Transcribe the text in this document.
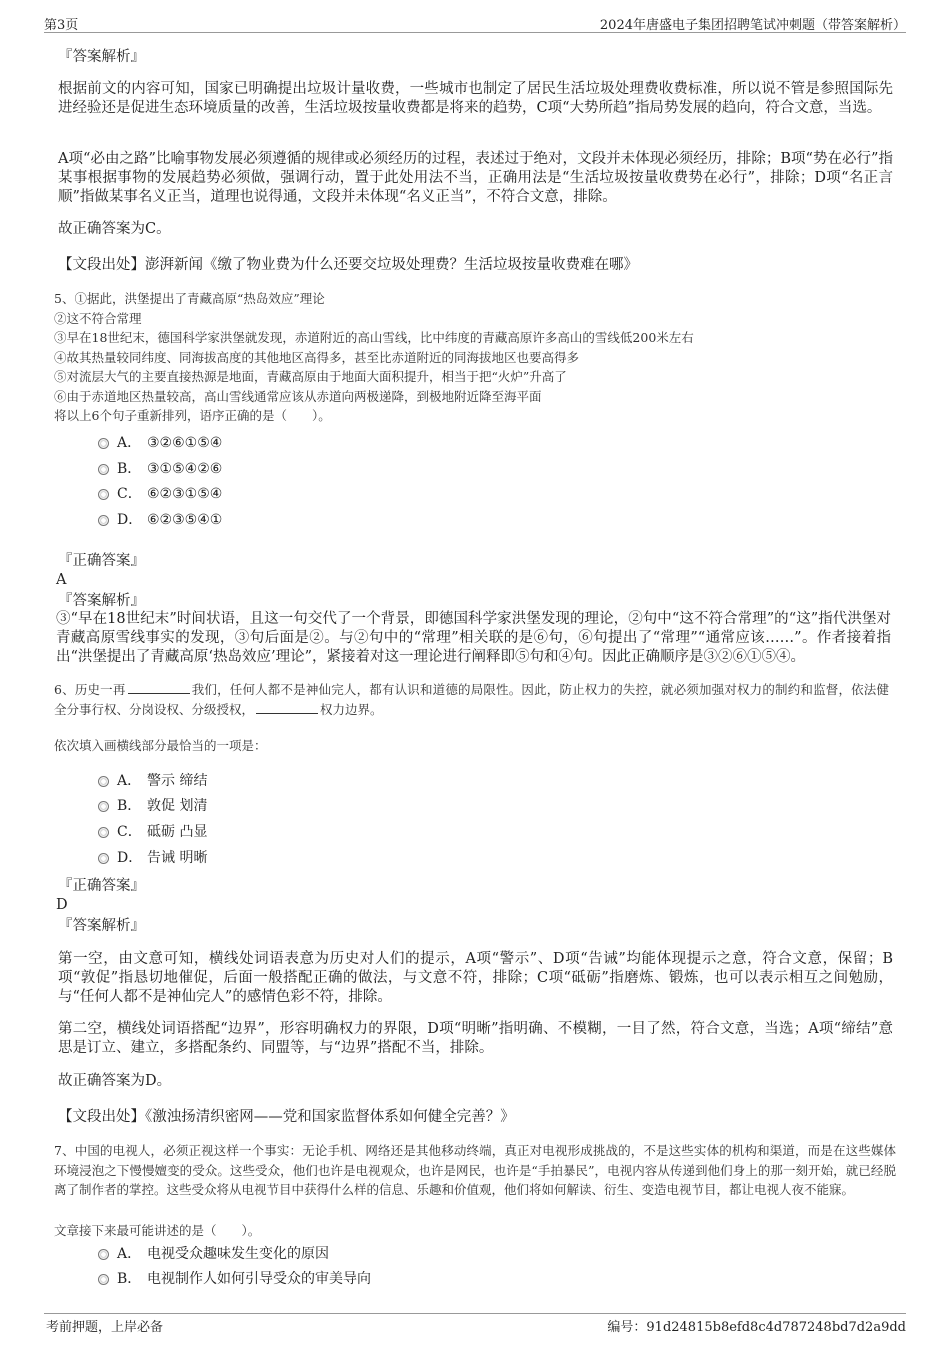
第3页	2024年唐盛电子集团招聘笔试冲刺题（带答案解析）
『答案解析』

根据前文的内容可知，国家已明确提出垃圾计量收费，一些城市也制定了居民生活垃圾处理费收费标准，所以说不管是参照国际先进经验还是促进生态环境质量的改善，生活垃圾按量收费都是将来的趋势，C项“大势所趋”指局势发展的趋向，符合文意，当选。

A项“必由之路”比喻事物发展必须遵循的规律或必须经历的过程，表述过于绝对，文段并未体现必须经历，排除；B项“势在必行”指某事根据事物的发展趋势必须做，强调行动，置于此处用法不当，正确用法是“生活垃圾按量收费势在必行”，排除；D项“名正言顺”指做某事名义正当，道理也说得通，文段并未体现“名义正当”，不符合文意，排除。

故正确答案为C。

【文段出处】澎湃新闻《缴了物业费为什么还要交垃圾处理费？生活垃圾按量收费难在哪》

5、①据此，洪堡提出了青藏高原“热岛效应”理论

②这不符合常理

③早在18世纪末，德国科学家洪堡就发现，赤道附近的高山雪线，比中纬度的青藏高原许多高山的雪线低200米左右

④故其热量较同纬度、同海拔高度的其他地区高得多，甚至比赤道附近的同海拔地区也要高得多

⑤对流层大气的主要直接热源是地面，青藏高原由于地面大面积提升，相当于把“火炉”升高了

⑥由于赤道地区热量较高，高山雪线通常应该从赤道向两极递降，到极地附近降至海平面

将以上6个句子重新排列，语序正确的是（　　）。

A． ③②⑥①⑤④
B． ③①⑤④②⑥
C． ⑥②③①⑤④
D． ⑥②③⑤④①
『正确答案』
A
『答案解析』

③“早在18世纪末”时间状语，且这一句交代了一个背景，即德国科学家洪堡发现的理论，②句中“这不符合常理”的“这”指代洪堡对青藏高原雪线事实的发现，③句后面是②。与②句中的“常理”相关联的是⑥句，⑥句提出了“常理”“通常应该……”。作者接着指出“洪堡提出了青藏高原‘热岛效应’理论”，紧接着对这一理论进行阐释即⑤句和④句。因此正确顺序是③②⑥①⑤④。

6、历史一再	我们，任何人都不是神仙完人，都有认识和道德的局限性。因此，防止权力的失控，就必须加强对权力的制约和监督，依法健全分事行权、分岗设权、分级授权，	权力边界。

依次填入画横线部分最恰当的一项是：

A． 警示 缔结
B． 敦促 划清
C． 砥砺 凸显
D． 告诫 明晰
『正确答案』
D
『答案解析』

第一空，由文意可知，横线处词语表意为历史对人们的提示，A项“警示”、D项“告诫”均能体现提示之意，符合文意，保留；B项“敦促”指恳切地催促，后面一般搭配正确的做法，与文意不符，排除；C项“砥砺”指磨炼、锻炼，也可以表示相互之间勉励，与“任何人都不是神仙完人”的感情色彩不符，排除。

第二空，横线处词语搭配“边界”，形容明确权力的界限，D项“明晰”指明确、不模糊，一目了然，符合文意，当选；A项“缔结”意思是订立、建立，多搭配条约、同盟等，与“边界”搭配不当，排除。

故正确答案为D。

【文段出处】《激浊扬清织密网——党和国家监督体系如何健全完善？》

7、中国的电视人，必须正视这样一个事实：无论手机、网络还是其他移动终端，真正对电视形成挑战的，不是这些实体的机构和渠道，而是在这些媒体环境浸泡之下慢慢嬗变的受众。这些受众，他们也许是电视观众，也许是网民，也许是“手拍暴民”，电视内容从传递到他们身上的那一刻开始，就已经脱离了制作者的掌控。这些受众将从电视节目中获得什么样的信息、乐趣和价值观，他们将如何解读、衍生、变造电视节目，都让电视人夜不能寐。

文章接下来最可能讲述的是（　　）。

A． 电视受众趣味发生变化的原因
B． 电视制作人如何引导受众的审美导向
考前押题，上岸必备	编号：91d24815b8efd8c4d787248bd7d2a9dd
